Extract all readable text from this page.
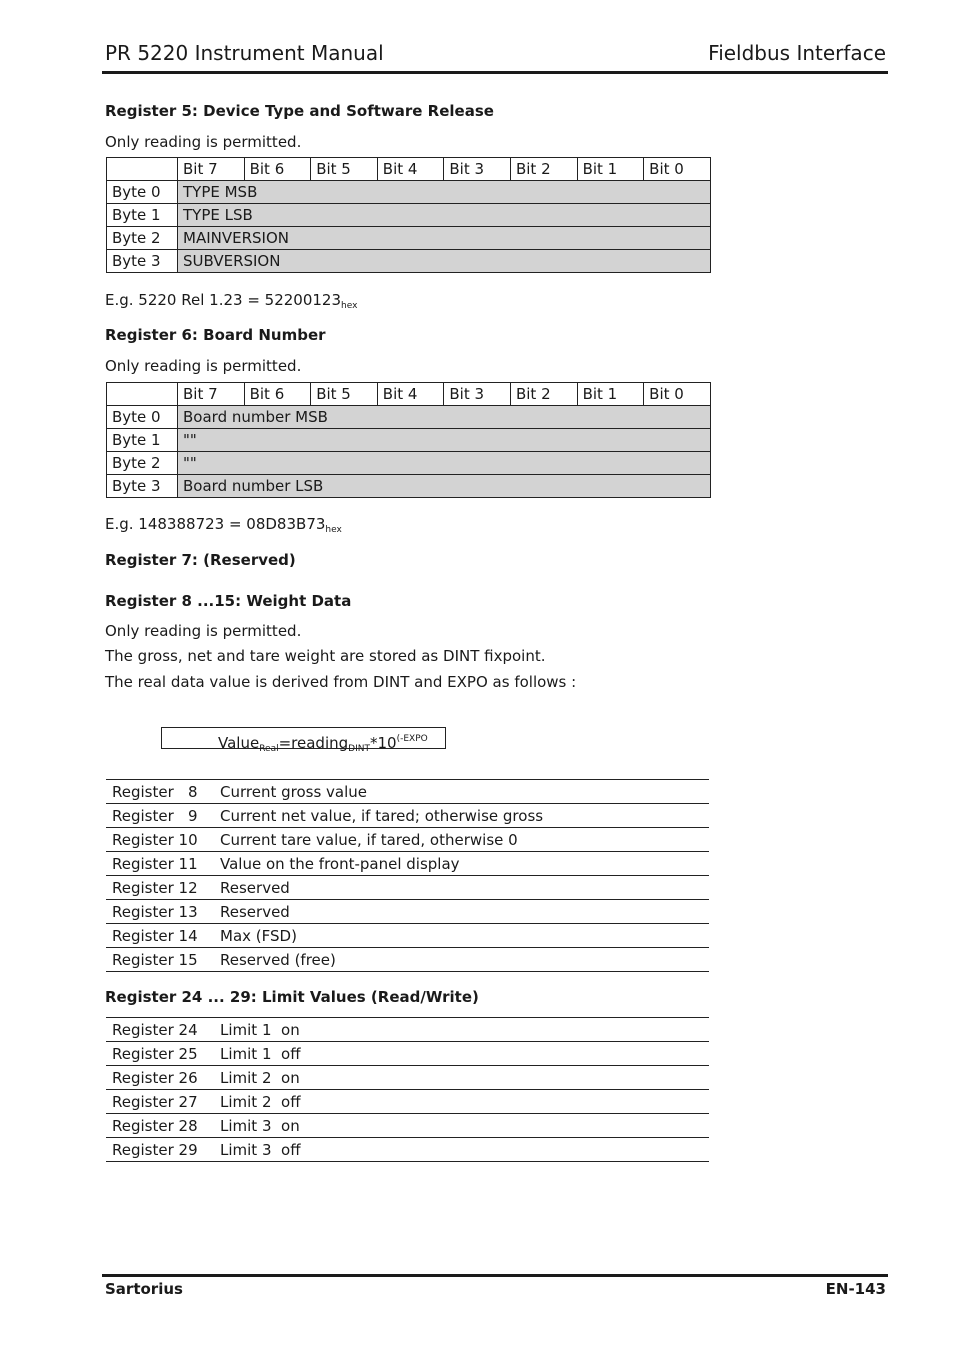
PR 5220 Instrument Manual	Fieldbus Interface
Register 5: Device Type and Software Release
Only reading is permitted.
	Bit 7	Bit 6	Bit 5	Bit 4	Bit 3	Bit 2	Bit 1	Bit 0
Byte 0	TYPE MSB							
Byte 1	TYPE LSB							
Byte 2	MAINVERSION							
Byte 3	SUBVERSION							
E.g. 5220 Rel $1.23 = 52200123_{hex}$
Register 6: Board Number
Only reading is permitted.
	Bit 7	Bit 6	Bit 5	Bit 4	Bit 3	Bit 2	Bit 1	Bit 0
Byte 0	Board number MSB							
Byte 1	""							
Byte 2	""							
Byte 3	Board number LSB							
E.g. $148388723 = 08D83B73_{hex}$
Register 7: (Reserved)
Register 8 ...15: Weight Data
Only reading is permitted.
The gross, net and tare weight are stored as DINT fixpoint.
The real data value is derived from DINT and EXPO as follows :
$Value_{Real}=reading_{DINT}*10^{(-EXPO}$
Register   8	Current gross value
Register   9	Current net value, if tared; otherwise gross
Register 10	Current tare value, if tared, otherwise 0
Register 11	Value on the front-panel display
Register 12	Reserved
Register 13	Reserved
Register 14	Max (FSD)
Register 15	Reserved (free)
Register 24 ... 29: Limit Values (Read/Write)
Register 24	Limit 1  on
Register 25	Limit 1  off
Register 26	Limit 2  on
Register 27	Limit 2  off
Register 28	Limit 3  on
Register 29	Limit 3  off
Sartorius	EN-143
